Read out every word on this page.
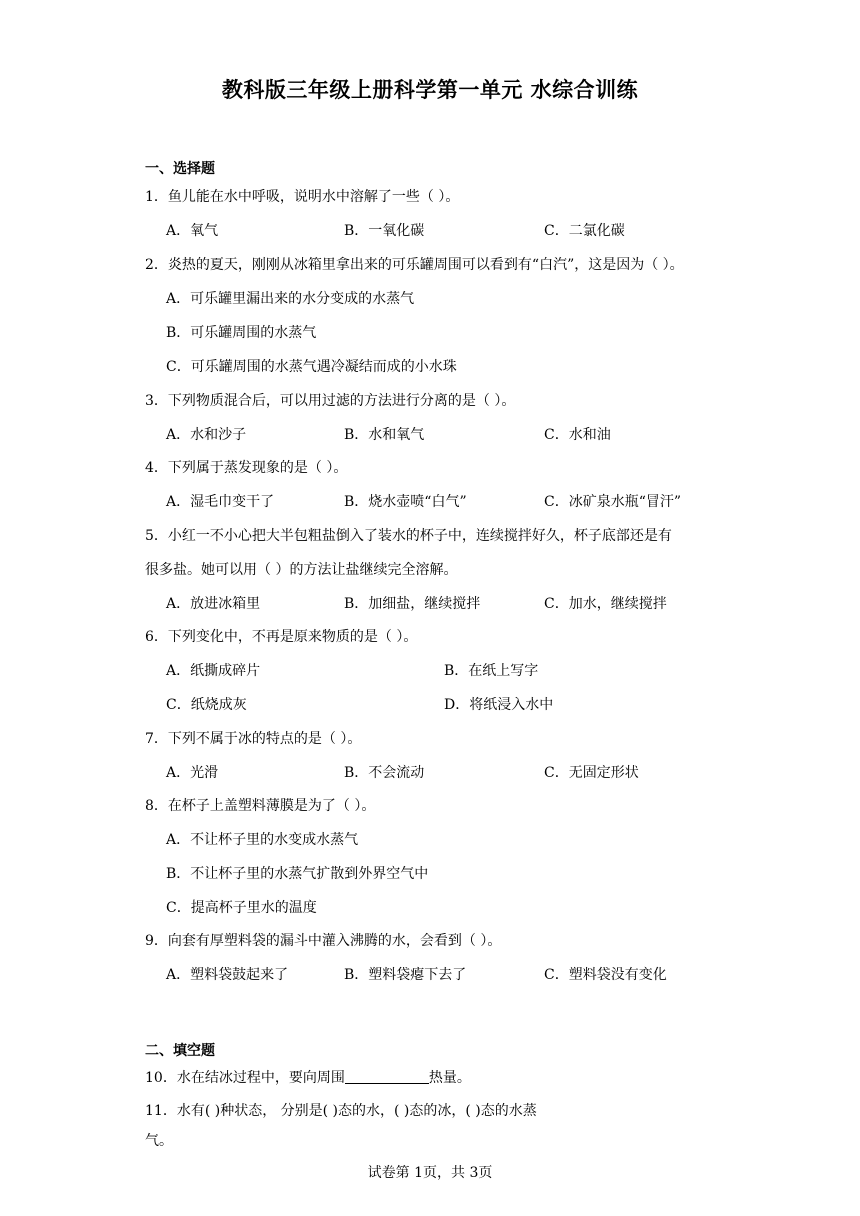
教科版三年级上册科学第一单元 水综合训练
一、选择题
1．鱼儿能在水中呼吸，说明水中溶解了一些（ ）。
A．氧气	B．一氧化碳	C．二氯化碳
2．炎热的夏天，刚刚从冰箱里拿出来的可乐罐周围可以看到有“白汽”，这是因为（ ）。
A．可乐罐里漏出来的水分变成的水蒸气
B．可乐罐周围的水蒸气
C．可乐罐周围的水蒸气遇冷凝结而成的小水珠
3．下列物质混合后，可以用过滤的方法进行分离的是（ ）。
A．水和沙子	B．水和氧气	C．水和油
4．下列属于蒸发现象的是（ ）。
A．湿毛巾变干了	B．烧水壶喷“白气”	C．冰矿泉水瓶“冒汗”
5．小红一不小心把大半包粗盐倒入了装水的杯子中，连续搅拌好久，杯子底部还是有
很多盐。她可以用（ ）的方法让盐继续完全溶解。
A．放进冰箱里	B．加细盐，继续搅拌	C．加水，继续搅拌
6．下列变化中，不再是原来物质的是（ ）。
A．纸撕成碎片	B．在纸上写字
C．纸烧成灰	D．将纸浸入水中
7．下列不属于冰的特点的是（ ）。
A．光滑	B．不会流动	C．无固定形状
8．在杯子上盖塑料薄膜是为了（ ）。
A．不让杯子里的水变成水蒸气
B．不让杯子里的水蒸气扩散到外界空气中
C．提高杯子里水的温度
9．向套有厚塑料袋的漏斗中灌入沸腾的水，会看到（ ）。
A．塑料袋鼓起来了	B．塑料袋瘪下去了	C．塑料袋没有变化
二、填空题
10．水在结冰过程中，要向周围	热量。
11．水有( )种状态， 分别是( )态的水，( )态的冰，( )态的水蒸
气。
试卷第 1页，共 3页
